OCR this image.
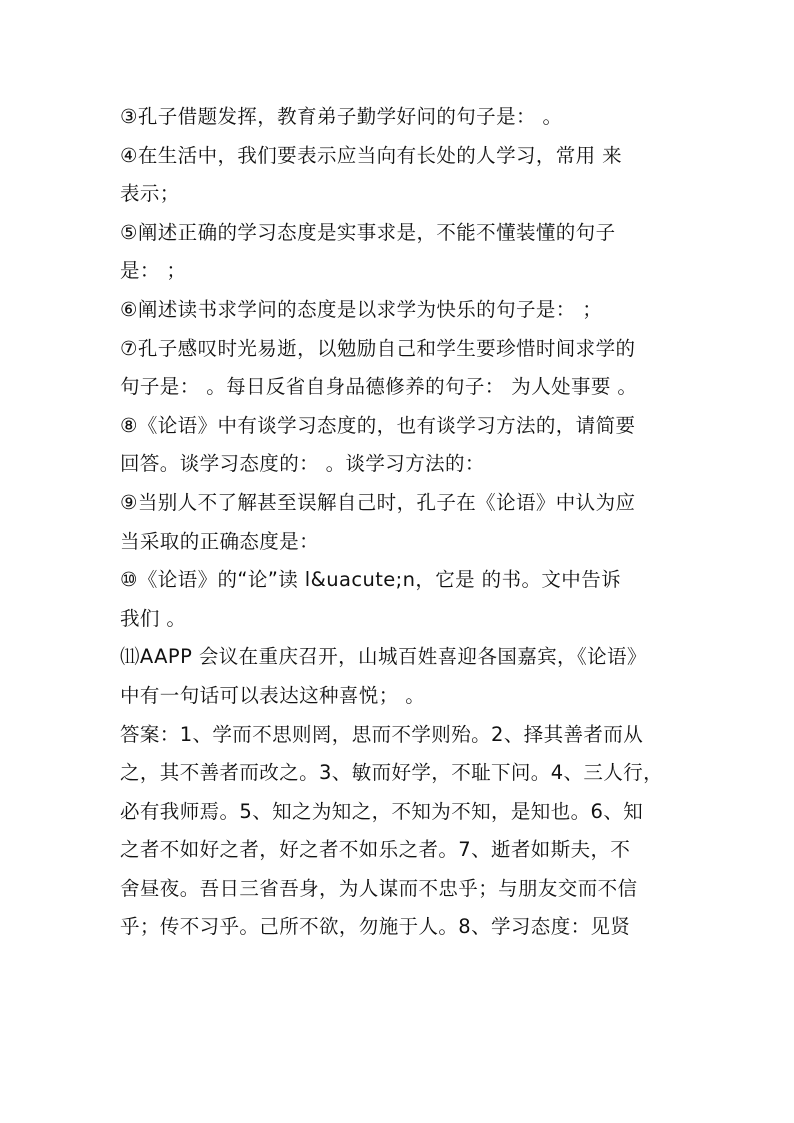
③孔子借题发挥，教育弟子勤学好问的句子是： 。
④在生活中，我们要表示应当向有长处的人学习，常用 来
表示；
⑤阐述正确的学习态度是实事求是，不能不懂装懂的句子
是： ；
⑥阐述读书求学问的态度是以求学为快乐的句子是： ；
⑦孔子感叹时光易逝，以勉励自己和学生要珍惜时间求学的
句子是： 。每日反省自身品德修养的句子： 为人处事要 。
⑧《论语》中有谈学习态度的，也有谈学习方法的，请简要
回答。谈学习态度的： 。谈学习方法的：
⑨当别人不了解甚至误解自己时，孔子在《论语》中认为应
当采取的正确态度是：
⑩《论语》的“论”读 l&uacute;n，它是 的书。文中告诉
我们 。
⑾AAPP 会议在重庆召开，山城百姓喜迎各国嘉宾，《论语》
中有一句话可以表达这种喜悦； 。
答案：1、学而不思则罔，思而不学则殆。2、择其善者而从
之，其不善者而改之。3、敏而好学，不耻下问。4、三人行，
必有我师焉。5、知之为知之，不知为不知，是知也。6、知
之者不如好之者，好之者不如乐之者。7、逝者如斯夫，不
舍昼夜。吾日三省吾身，为人谋而不忠乎；与朋友交而不信
乎；传不习乎。己所不欲，勿施于人。8、学习态度：见贤
